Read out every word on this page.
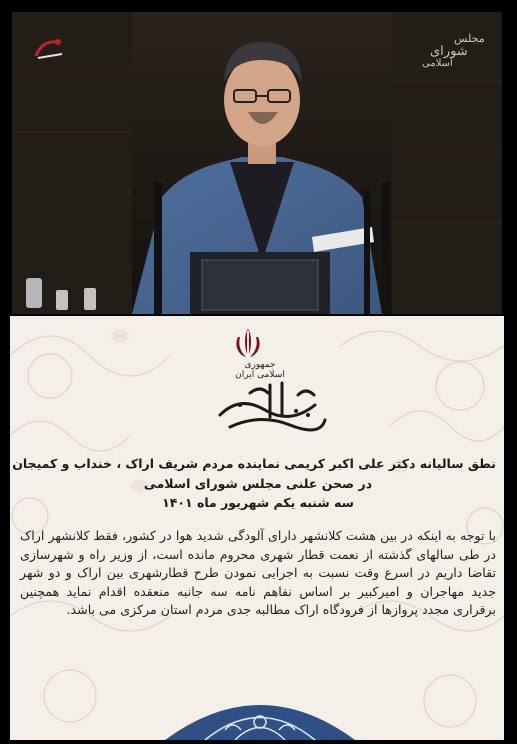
مجلس
شورای
اسلامی
جمهوری اسلامی ایران
نطق سالیانه دکتر علی اکبر کریمی نماینده مردم شریف اراک ، خنداب و کمیجان
در صحن علنی مجلس شورای اسلامی
سه شنبه یکم شهریور ماه ۱۴۰۱
با توجه به اینکه در بین هشت کلانشهر دارای آلودگی شدید هوا در کشور، فقط کلانشهر اراک در طی سالهای گذشته از نعمت قطار شهری محروم مانده است، از وزیر راه و شهرسازی تقاضا داریم در اسرع وقت نسبت به اجرایی نمودن طرح قطارشهری بین اراک و دو شهر جدید مهاجران و امیرکبیر بر اساس نفاهم نامه سه جانبه منعقده اقدام نماید همچنین برقراری مجدد پروازها از فرودگاه اراک مطالبه جدی مردم استان مرکزی می باشد.
